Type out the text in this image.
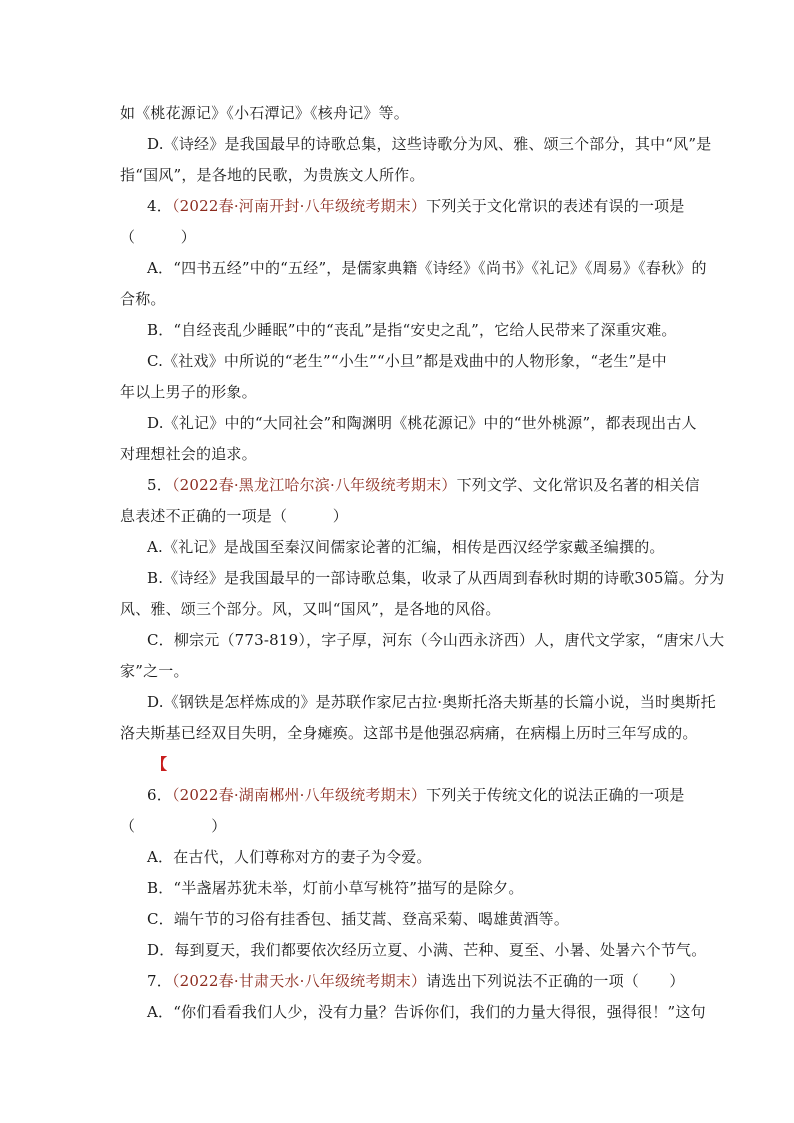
如《桃花源记》《小石潭记》《核舟记》等。
D.《诗经》是我国最早的诗歌总集，这些诗歌分为风、雅、颂三个部分，其中“风”是
指“国风”，是各地的民歌，为贵族文人所作。
4．（2022春·河南开封·八年级统考期末）下列关于文化常识的表述有误的一项是
（　　　）
A．“四书五经”中的“五经”，是儒家典籍《诗经》《尚书》《礼记》《周易》《春秋》的
合称。
B．“自经丧乱少睡眠”中的“丧乱”是指“安史之乱”，它给人民带来了深重灾难。
C.《社戏》中所说的“老生”“小生”“小旦”都是戏曲中的人物形象，“老生”是中
年以上男子的形象。
D.《礼记》中的“大同社会”和陶渊明《桃花源记》中的“世外桃源”，都表现出古人
对理想社会的追求。
5．（2022春·黑龙江哈尔滨·八年级统考期末）下列文学、文化常识及名著的相关信
息表述不正确的一项是（　　　）
A.《礼记》是战国至秦汉间儒家论著的汇编，相传是西汉经学家戴圣编撰的。
B.《诗经》是我国最早的一部诗歌总集，收录了从西周到春秋时期的诗歌305篇。分为
风、雅、颂三个部分。风，又叫“国风”，是各地的风俗。
C．柳宗元（773-819），字子厚，河东（今山西永济西）人，唐代文学家，“唐宋八大
家”之一。
D.《钢铁是怎样炼成的》是苏联作家尼古拉·奥斯托洛夫斯基的长篇小说，当时奥斯托
洛夫斯基已经双目失明，全身瘫痪。这部书是他强忍病痛，在病榻上历时三年写成的。
【
6．（2022春·湖南郴州·八年级统考期末）下列关于传统文化的说法正确的一项是
（　　　　　）
A．在古代，人们尊称对方的妻子为令爱。
B．“半盏屠苏犹未举，灯前小草写桃符”描写的是除夕。
C．端午节的习俗有挂香包、插艾蒿、登高采菊、喝雄黄酒等。
D．每到夏天，我们都要依次经历立夏、小满、芒种、夏至、小暑、处暑六个节气。
7．（2022春·甘肃天水·八年级统考期末）请选出下列说法不正确的一项（　　）
A．“你们看看我们人少，没有力量？告诉你们，我们的力量大得很，强得很！”这句
